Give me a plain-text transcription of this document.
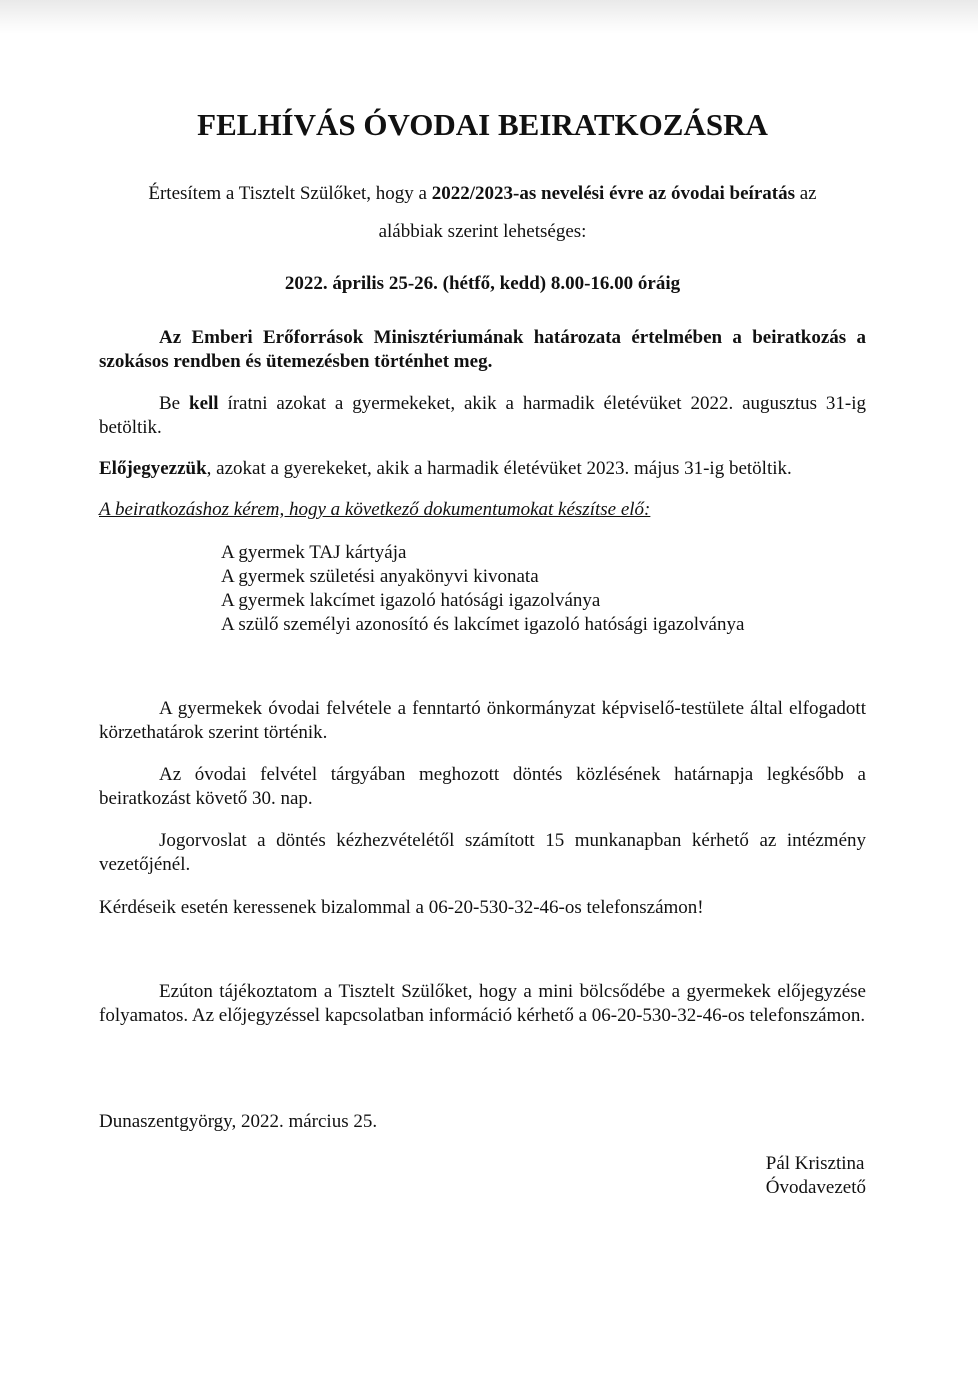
FELHÍVÁS ÓVODAI BEIRATKOZÁSRA
Értesítem a Tisztelt Szülőket, hogy a 2022/2023-as nevelési évre az óvodai beíratás az
alábbiak szerint lehetséges:
2022. április 25-26. (hétfő, kedd) 8.00-16.00 óráig

Az Emberi Erőforrások Minisztériumának határozata értelmében a beiratkozás a szokásos rendben és ütemezésben történhet meg.

Be kell íratni azokat a gyermekeket, akik a harmadik életévüket 2022. augusztus 31-ig betöltik.

Előjegyezzük, azokat a gyerekeket, akik a harmadik életévüket 2023. május 31-ig betöltik.

A beiratkozáshoz kérem, hogy a következő dokumentumokat készítse elő:

A gyermek TAJ kártyája
A gyermek születési anyakönyvi kivonata
A gyermek lakcímet igazoló hatósági igazolványa
A szülő személyi azonosító és lakcímet igazoló hatósági igazolványa

A gyermekek óvodai felvétele a fenntartó önkormányzat képviselő-testülete által elfogadott körzethatárok szerint történik.

Az óvodai felvétel tárgyában meghozott döntés közlésének határnapja legkésőbb a beiratkozást követő 30. nap.

Jogorvoslat a döntés kézhezvételétől számított 15 munkanapban kérhető az intézmény vezetőjénél.

Kérdéseik esetén keressenek bizalommal a 06-20-530-32-46-os telefonszámon!

Ezúton tájékoztatom a Tisztelt Szülőket, hogy a mini bölcsődébe a gyermekek előjegyzése folyamatos. Az előjegyzéssel kapcsolatban információ kérhető a 06-20-530-32-46-os telefonszámon.

Dunaszentgyörgy, 2022. március 25.

Pál Krisztina
Óvodavezető
